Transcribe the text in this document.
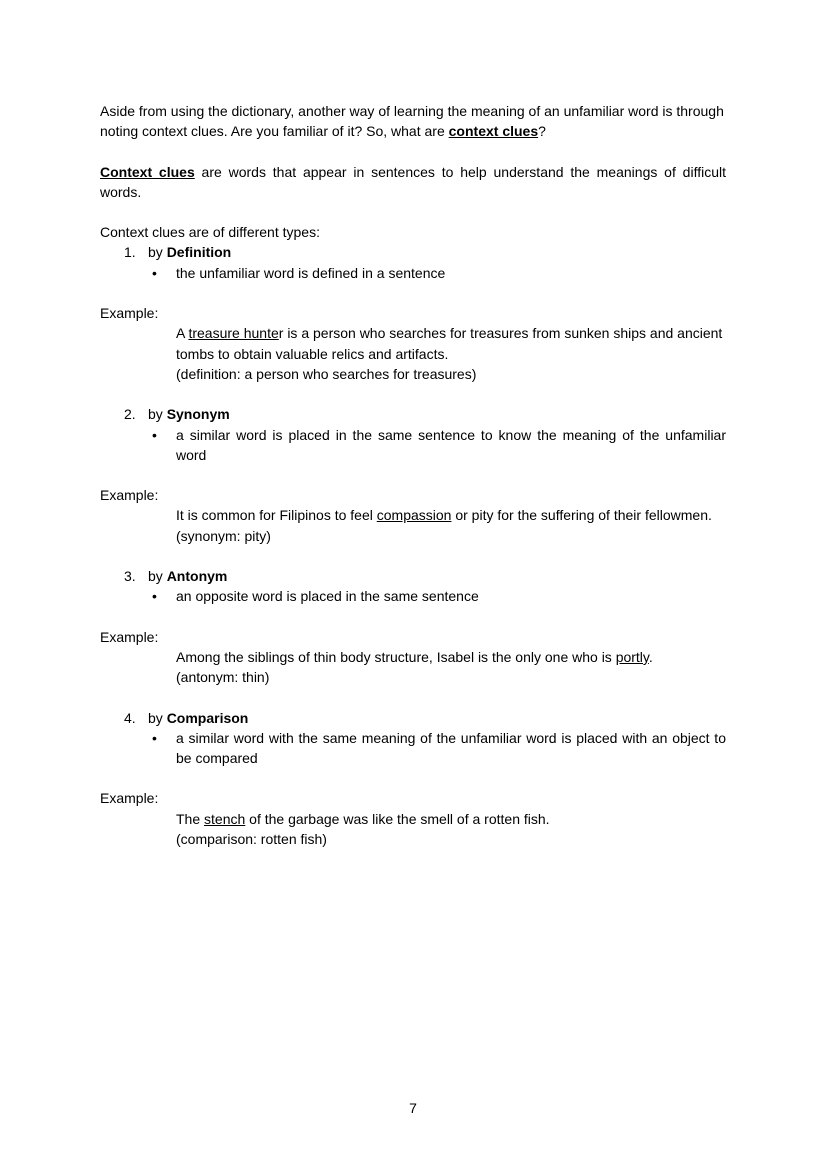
Aside from using the dictionary, another way of learning the meaning of an unfamiliar word is through noting context clues. Are you familiar of it? So, what are context clues?

Context clues are words that appear in sentences to help understand the meanings of difficult words.

Context clues are of different types:

1. by Definition
•
the unfamiliar word is defined in a sentence

Example:

A treasure hunter is a person who searches for treasures from sunken ships and ancient tombs to obtain valuable relics and artifacts.

(definition: a person who searches for treasures)

2. by Synonym
•
a similar word is placed in the same sentence to know the meaning of the unfamiliar word

Example:

It is common for Filipinos to feel compassion or pity for the suffering of their fellowmen.

(synonym: pity)

3. by Antonym
•
an opposite word is placed in the same sentence

Example:

Among the siblings of thin body structure, Isabel is the only one who is portly.

(antonym: thin)

4. by Comparison
•
a similar word with the same meaning of the unfamiliar word is placed with an object to be compared

Example:

The stench of the garbage was like the smell of a rotten fish.

(comparison: rotten fish)

7
